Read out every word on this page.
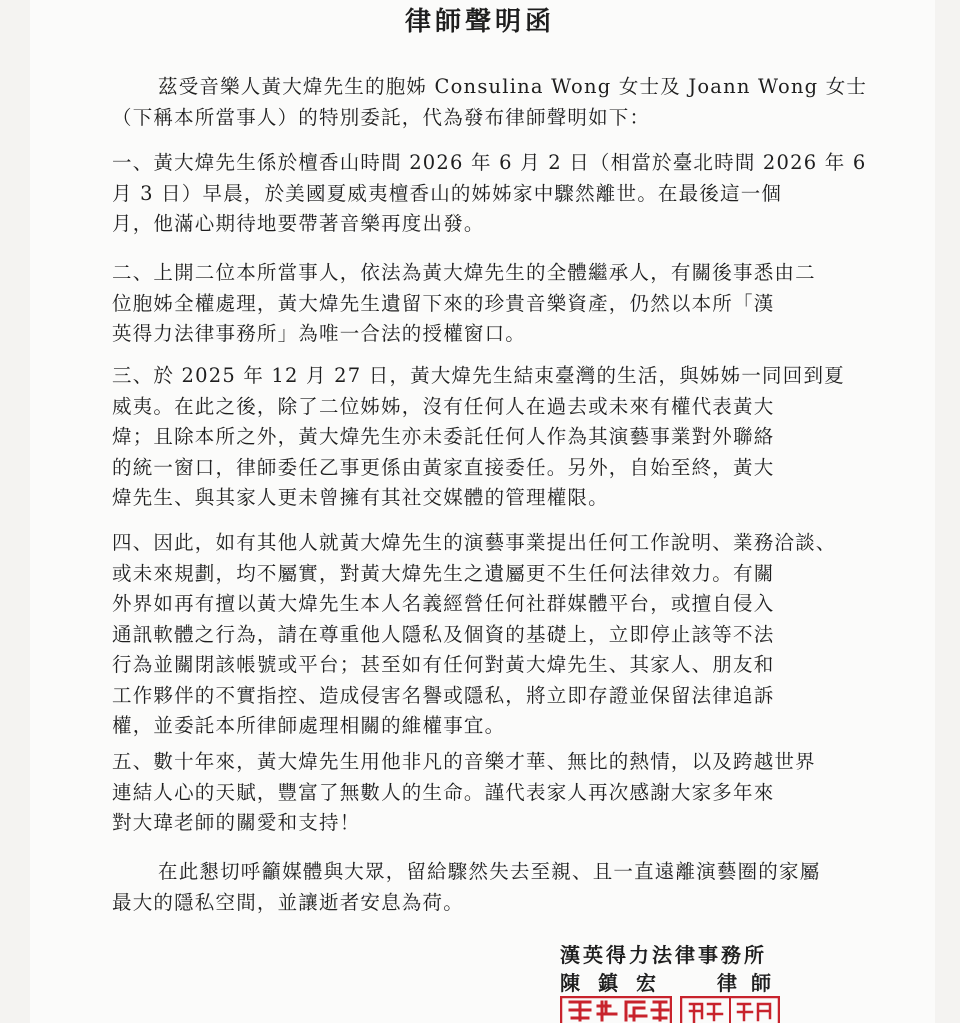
律師聲明函
茲受音樂人黃大煒先生的胞姊 Consulina Wong 女士及 Joann Wong 女士
（下稱本所當事人）的特別委託，代為發布律師聲明如下：
一、黃大煒先生係於檀香山時間 2026 年 6 月 2 日（相當於臺北時間 2026 年 6
月 3 日）早晨，於美國夏威夷檀香山的姊姊家中驟然離世。在最後這一個
月，他滿心期待地要帶著音樂再度出發。
二、上開二位本所當事人，依法為黃大煒先生的全體繼承人，有關後事悉由二
位胞姊全權處理，黃大煒先生遺留下來的珍貴音樂資產，仍然以本所「漢
英得力法律事務所」為唯一合法的授權窗口。
三、於 2025 年 12 月 27 日，黃大煒先生結束臺灣的生活，與姊姊一同回到夏
威夷。在此之後，除了二位姊姊，沒有任何人在過去或未來有權代表黃大
煒；且除本所之外，黃大煒先生亦未委託任何人作為其演藝事業對外聯絡
的統一窗口，律師委任乙事更係由黃家直接委任。另外，自始至終，黃大
煒先生、與其家人更未曾擁有其社交媒體的管理權限。
四、因此，如有其他人就黃大煒先生的演藝事業提出任何工作說明、業務洽談、
或未來規劃，均不屬實，對黃大煒先生之遺屬更不生任何法律效力。有關
外界如再有擅以黃大煒先生本人名義經營任何社群媒體平台，或擅自侵入
通訊軟體之行為，請在尊重他人隱私及個資的基礎上，立即停止該等不法
行為並關閉該帳號或平台；甚至如有任何對黃大煒先生、其家人、朋友和
工作夥伴的不實指控、造成侵害名譽或隱私，將立即存證並保留法律追訴
權，並委託本所律師處理相關的維權事宜。
五、數十年來，黃大煒先生用他非凡的音樂才華、無比的熱情，以及跨越世界
連結人心的天賦，豐富了無數人的生命。謹代表家人再次感謝大家多年來
對大瑋老師的關愛和支持！
在此懇切呼籲媒體與大眾，留給驟然失去至親、且一直遠離演藝圈的家屬
最大的隱私空間，並讓逝者安息為荷。
漢英得力法律事務所
陳鎮宏 律師
